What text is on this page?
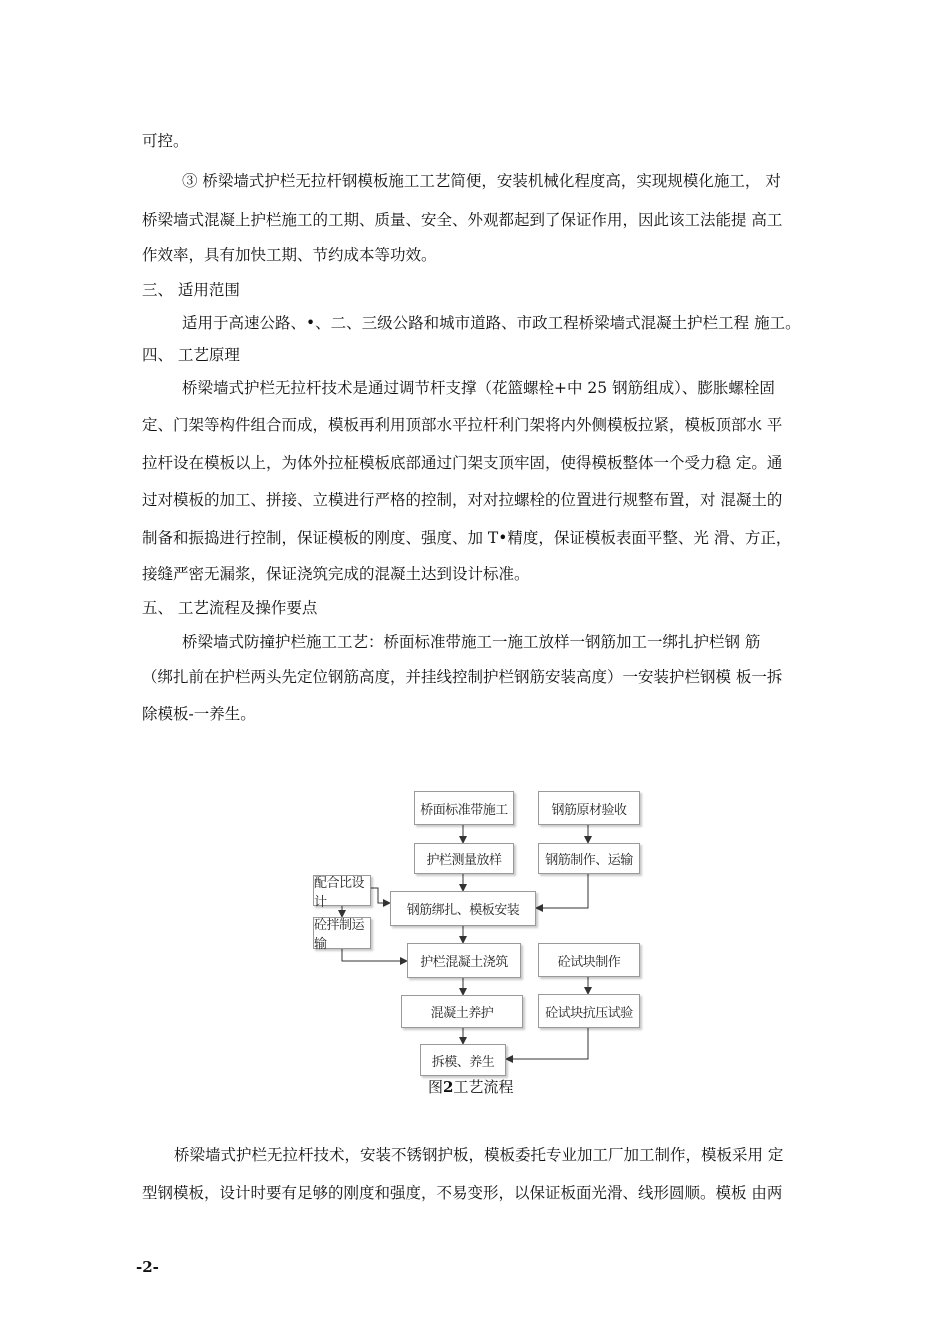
可控。
③ 桥梁墙式护栏无拉杆钢模板施工工艺简便，安装机械化程度高，实现规模化施工， 对
桥梁墙式混凝上护栏施工的工期、质量、安全、外观都起到了保证作用，因此该工法能提 高工
作效率，具有加快工期、节约成本等功效。
三、 适用范围
适用于高速公路、•、二、三级公路和城市道路、市政工程桥梁墙式混凝土护栏工程 施工。
四、 工艺原理
桥梁墙式护栏无拉杆技术是通过调节杆支撑（花篮螺栓+中 25 钢筋组成）、膨胀螺栓固
定、门架等构件组合而成，模板再利用顶部水平拉杆利门架将内外侧模板拉紧，模板顶部水 平
拉杆设在模板以上，为体外拉柾模板底部通过门架支顶牢固，使得模板整体一个受力稳 定。通
过对模板的加工、拼接、立模进行严格的控制，对对拉螺栓的位置进行规整布置，对 混凝土的
制备和振捣进行控制，保证模板的刚度、强度、加 T•精度，保证模板表面平整、光 滑、方正，
接缝严密无漏浆，保证浇筑完成的混凝土达到设计标准。
五、 工艺流程及操作要点
桥梁墙式防撞护栏施工工艺：桥面标准带施工一施工放样一钢筋加工一绑扎护栏钢 筋
（绑扎前在护栏两头先定位钢筋高度，并挂线控制护栏钢筋安装高度）一安装护栏钢模 板一拆
除模板-一养生。
桥面标准带施工	钢筋原材验收
护栏测量放样	钢筋制作、运输
配合比设计
钢筋绑扎、模板安装
砼拌制运输
护栏混凝土浇筑	砼试块制作
混凝土养护	砼试块抗压试验
拆模、养生
图2工艺流程
桥梁墙式护栏无拉杆技术，安装不锈钢护板，模板委托专业加工厂加工制作，模板采用 定
型钢模板，设计时要有足够的刚度和强度，不易变形，以保证板面光滑、线形圆顺。模板 由两
-2-
